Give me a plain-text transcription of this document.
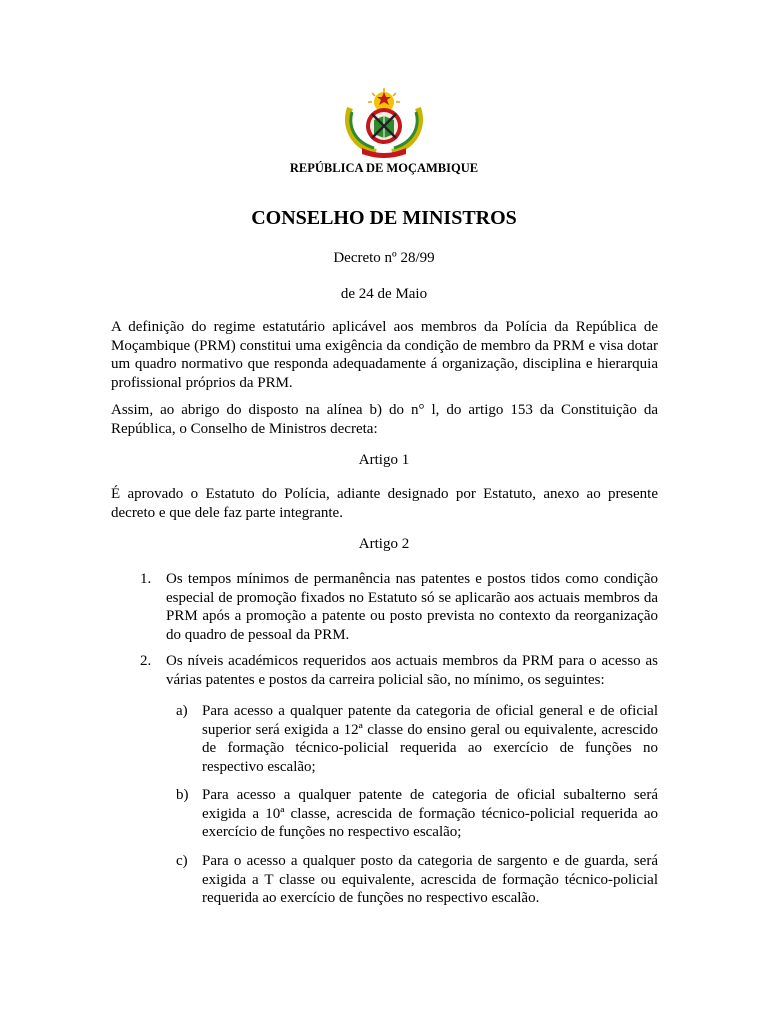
REPÚBLICA DE MOÇAMBIQUE
CONSELHO DE MINISTROS
Decreto nº 28/99
de 24 de Maio

A definição do regime estatutário aplicável aos membros da Polícia da República de Moçambique (PRM) constitui uma exigência da condição de membro da PRM e visa dotar um quadro normativo que responda adequadamente á organização, disciplina e hierarquia profissional próprios da PRM.

Assim, ao abrigo do disposto na alínea b) do n° l, do artigo 153 da Constituição da República, o Conselho de Ministros decreta:

Artigo 1

É aprovado o Estatuto do Polícia, adiante designado por Estatuto, anexo ao presente decreto e que dele faz parte integrante.

Artigo 2
1. Os tempos mínimos de permanência nas patentes e postos tidos como condição especial de promoção fixados no Estatuto só se aplicarão aos actuais membros da PRM após a promoção a patente ou posto prevista no contexto da reorganização do quadro de pessoal da PRM.

2. Os níveis académicos requeridos aos actuais membros da PRM para o acesso as várias patentes e postos da carreira policial são, no mínimo, os seguintes:

a) Para acesso a qualquer patente da categoria de oficial general e de oficial superior será exigida a 12ª classe do ensino geral ou equivalente, acrescido de formação técnico-policial requerida ao exercício de funções no respectivo escalão;

b) Para acesso a qualquer patente de categoria de oficial subalterno será exigida a 10ª classe, acrescida de formação técnico-policial requerida ao exercício de funções no respectivo escalão;

c) Para o acesso a qualquer posto da categoria de sargento e de guarda, será exigida a T classe ou equivalente, acrescida de formação técnico-policial requerida ao exercício de funções no respectivo escalão.
